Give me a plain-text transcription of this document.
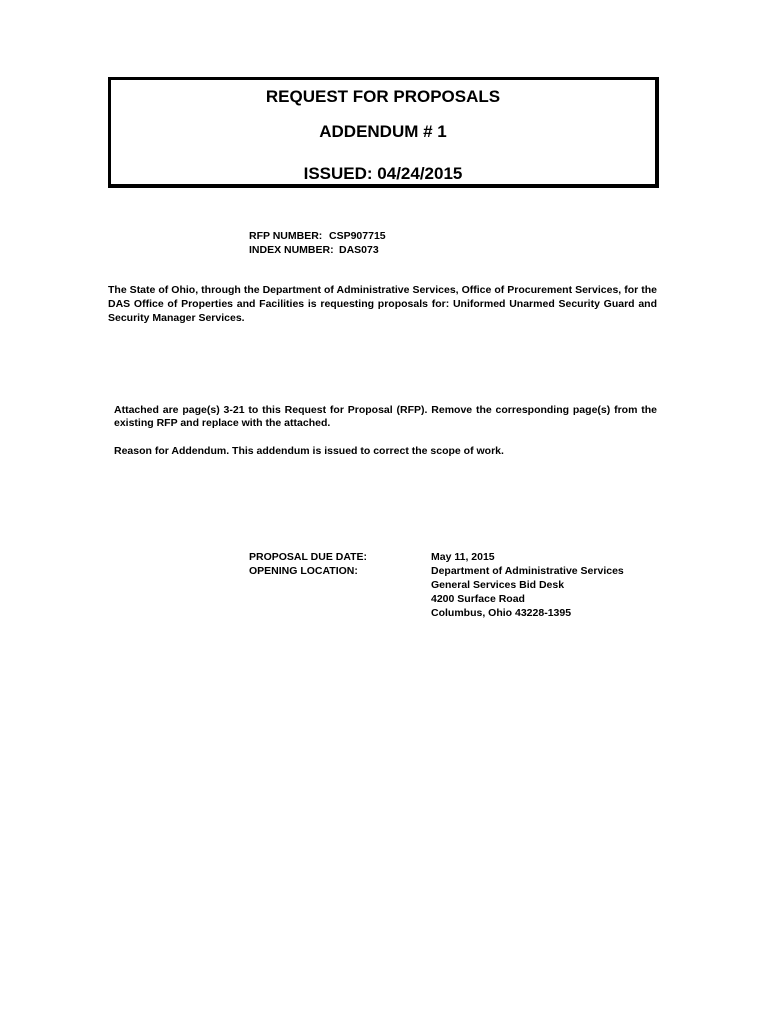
REQUEST FOR PROPOSALS
ADDENDUM # 1
ISSUED: 04/24/2015
RFP NUMBER: CSP907715
INDEX NUMBER: DAS073
The State of Ohio, through the Department of Administrative Services, Office of Procurement Services, for the DAS Office of Properties and Facilities is requesting proposals for: Uniformed Unarmed Security Guard and Security Manager Services.
Attached are page(s) 3-21 to this Request for Proposal (RFP). Remove the corresponding page(s) from the existing RFP and replace with the attached.
Reason for Addendum. This addendum is issued to correct the scope of work.
PROPOSAL DUE DATE:
OPENING LOCATION:
May 11, 2015
Department of Administrative Services
General Services Bid Desk
4200 Surface Road
Columbus, Ohio 43228-1395
